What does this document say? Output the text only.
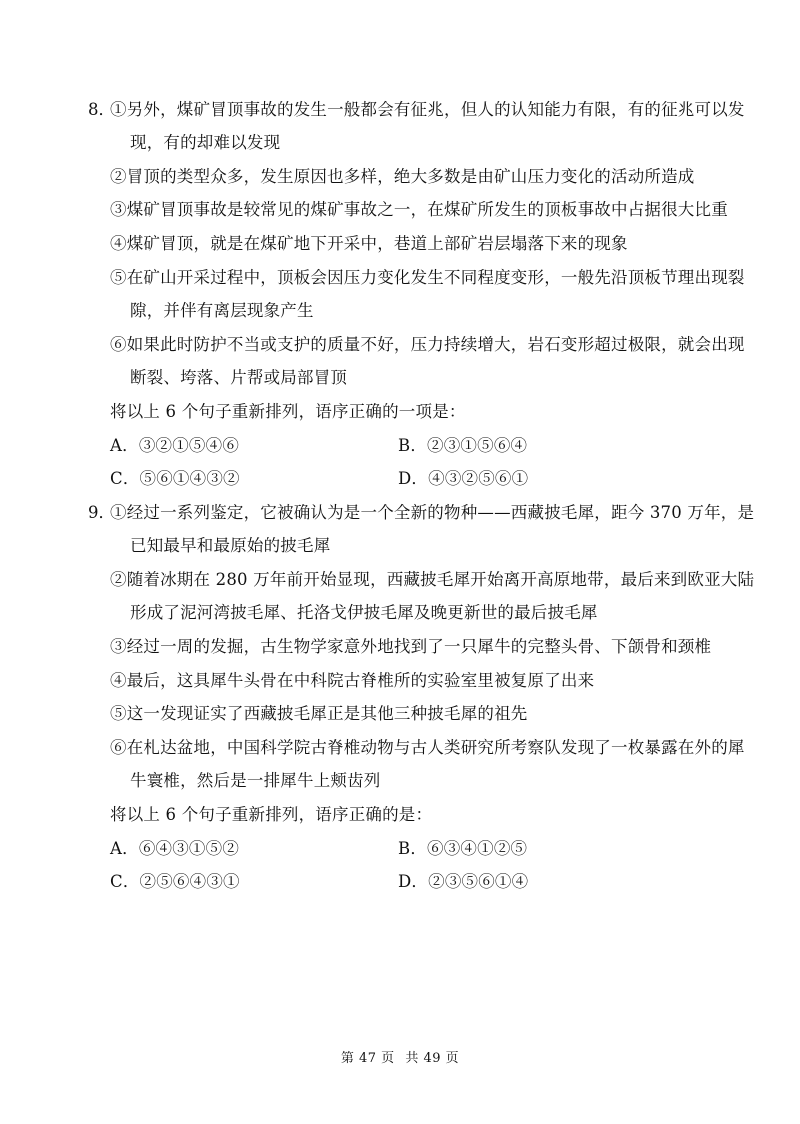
8．
①另外，煤矿冒顶事故的发生一般都会有征兆，但人的认知能力有限，有的征兆可以发
现，有的却难以发现
②冒顶的类型众多，发生原因也多样，绝大多数是由矿山压力变化的活动所造成
③煤矿冒顶事故是较常见的煤矿事故之一，在煤矿所发生的顶板事故中占据很大比重
④煤矿冒顶，就是在煤矿地下开采中，巷道上部矿岩层塌落下来的现象
⑤在矿山开采过程中，顶板会因压力变化发生不同程度变形，一般先沿顶板节理出现裂
隙，并伴有离层现象产生
⑥如果此时防护不当或支护的质量不好，压力持续增大，岩石变形超过极限，就会出现
断裂、垮落、片帮或局部冒顶
将以上 6 个句子重新排列，语序正确的一项是：
A．③②①⑤④⑥	B．②③①⑤⑥④
C．⑤⑥①④③②	D．④③②⑤⑥①
9．
①经过一系列鉴定，它被确认为是一个全新的物种——西藏披毛犀，距今 370 万年，是
已知最早和最原始的披毛犀
②随着冰期在 280 万年前开始显现，西藏披毛犀开始离开高原地带，最后来到欧亚大陆
形成了泥河湾披毛犀、托洛戈伊披毛犀及晚更新世的最后披毛犀
③经过一周的发掘，古生物学家意外地找到了一只犀牛的完整头骨、下颌骨和颈椎
④最后，这具犀牛头骨在中科院古脊椎所的实验室里被复原了出来
⑤这一发现证实了西藏披毛犀正是其他三种披毛犀的祖先
⑥在札达盆地，中国科学院古脊椎动物与古人类研究所考察队发现了一枚暴露在外的犀
牛寰椎，然后是一排犀牛上颊齿列
将以上 6 个句子重新排列，语序正确的是：
A．⑥④③①⑤②	B．⑥③④①②⑤
C．②⑤⑥④③①	D．②③⑤⑥①④
第 47 页 共 49 页
